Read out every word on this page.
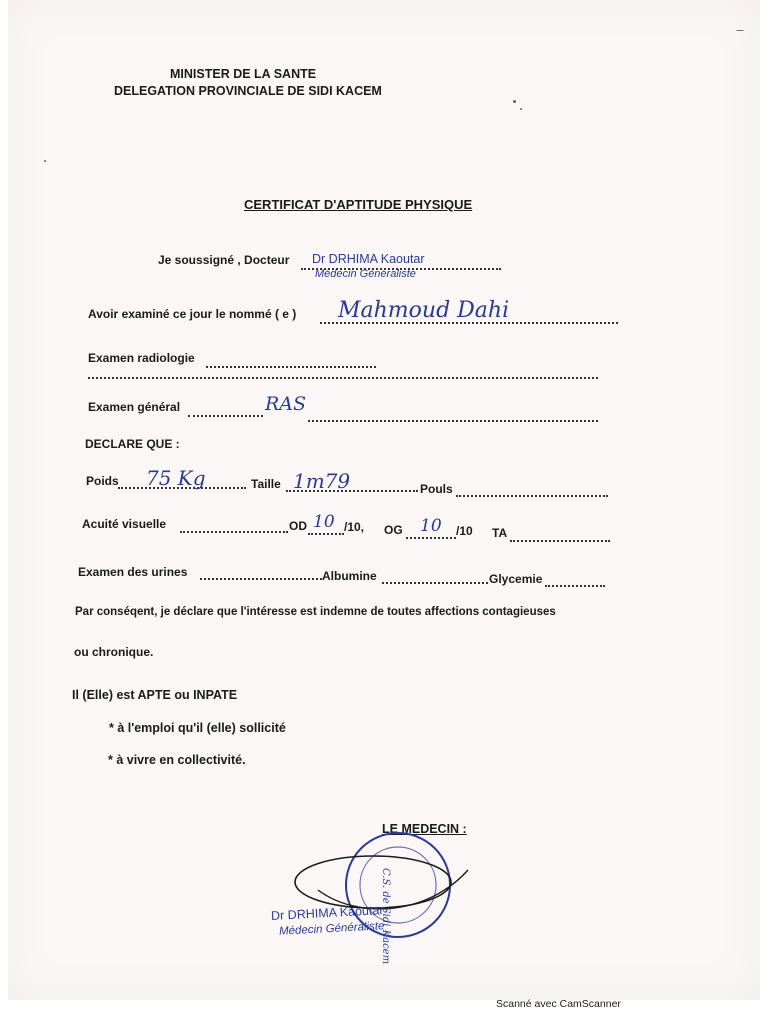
MINISTER DE LA SANTE
DELEGATION PROVINCIALE DE SIDI KACEM
CERTIFICAT D'APTITUDE PHYSIQUE
Je soussigné , Docteur Dr DRHIMA Kaoutar
Médecin Généraliste
Avoir examiné ce jour le nommé ( e ) Mahmoud Dahi
Examen radiologie
Examen général	RAS
DECLARE QUE :
Poids 75 Kg	Taille 1m79	Pouls
Acuité visuelle	OD 10 /10, OG 10 /10 TA
Examen des urines	Albumine	Glycemie
Par conséqent, je déclare que l'intéresse est indemne de toutes affections contagieuses
ou chronique.
Il (Elle) est APTE ou INPATE
* à l'emploi qu'il (elle) sollicité
* à vivre en collectivité.
LE MEDECIN :
C.S. de Sidi Kacem
Dr DRHIMA Kaoutar
Médecin Généraliste
Scanné avec CamScanner
